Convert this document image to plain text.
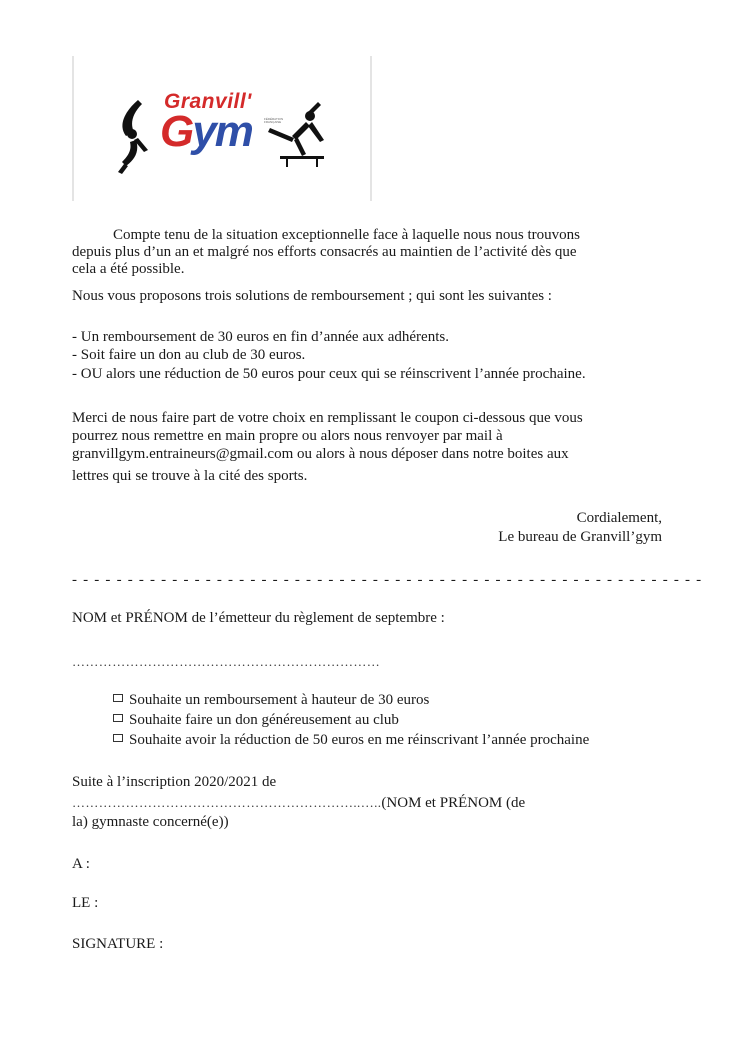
Granvill'
Gym	FÉDÉRATION FRANÇAISE
Compte tenu de la situation exceptionnelle face à laquelle nous nous trouvons
depuis plus d’un an et malgré nos efforts consacrés au maintien de l’activité dès que
cela a été possible.
Nous vous proposons trois solutions de remboursement ; qui sont les suivantes :
- Un remboursement de 30 euros en fin d’année aux adhérents.
- Soit faire un don au club de 30 euros.
- OU alors une réduction de 50 euros pour ceux qui se réinscrivent l’année prochaine.
Merci de nous faire part de votre choix en remplissant le coupon ci-dessous que vous
pourrez nous remettre en main propre ou alors nous renvoyer par mail à
granvillgym.entraineurs@gmail.com ou alors à nous déposer dans notre boites aux
lettres qui se trouve à la cité des sports.
Cordialement,
Le bureau de Granvill’gym
- - - - - - - - - - - - - - - - - - - - - - - - - - - - - - - - - - - - - - - - - - - - - - - - - - - - - - - - -
NOM et PRÉNOM de l’émetteur du règlement de septembre :
……………………………………………………………
Souhaite un remboursement à hauteur de 30 euros
Souhaite faire un don généreusement au club
Souhaite avoir la réduction de 50 euros en me réinscrivant l’année prochaine
Suite à l’inscription 2020/2021 de
………………………………………………………..…..(NOM et PRÉNOM (de
la) gymnaste concerné(e))
A :
LE :
SIGNATURE :
